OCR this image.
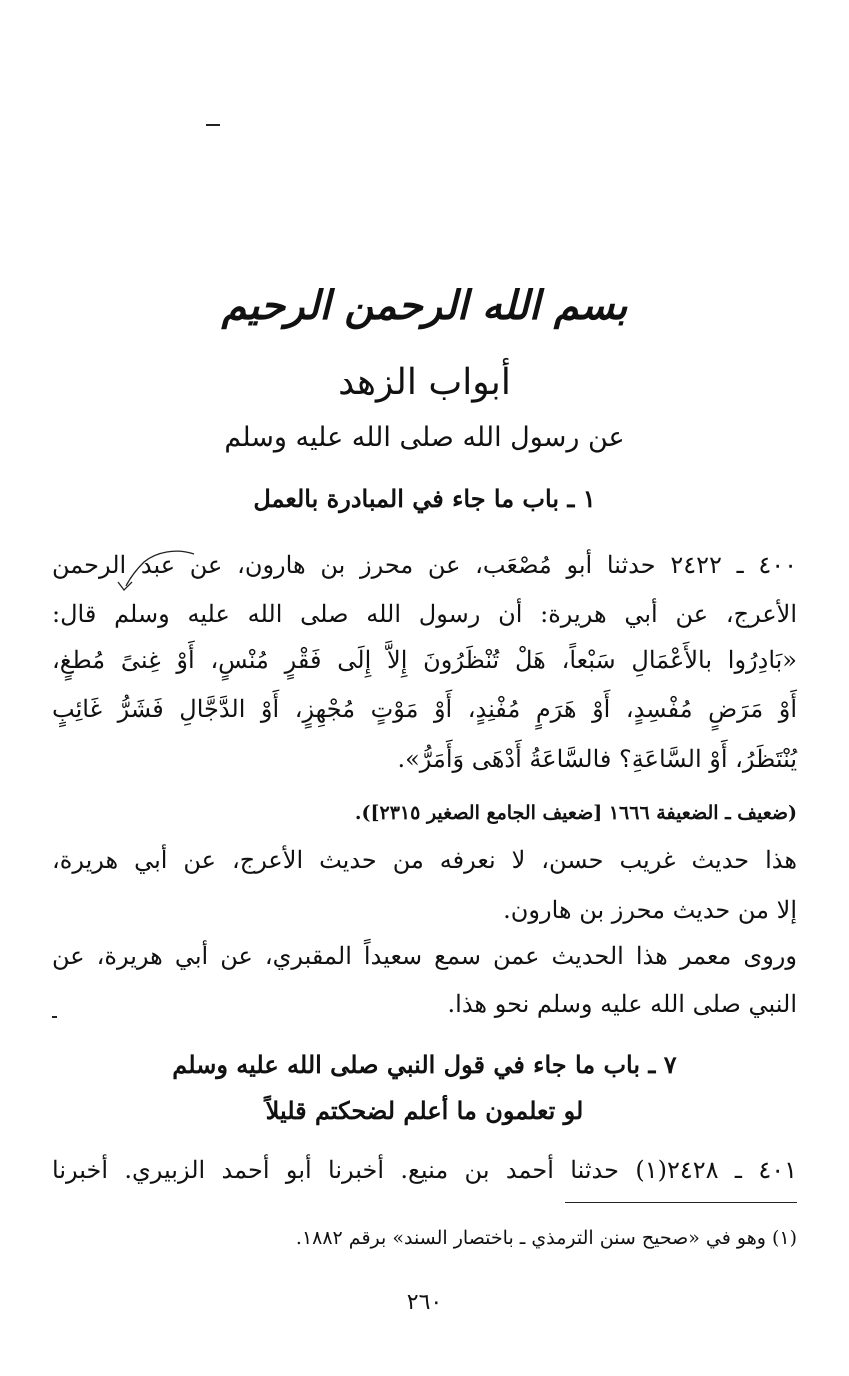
بسم الله الرحمن الرحيم
أبواب الزهد
عن رسول الله صلى الله عليه وسلم
١ ـ باب ما جاء في المبادرة بالعمل
٤٠٠ ـ ٢٤٢٢ حدثنا أبو مُصْعَب، عن محرز بن هارون، عن عبد الرحمن
الأعرج، عن أبي هريرة: أن رسول الله صلى الله عليه وسلم قال:
«بَادِرُوا بالأَعْمَالِ سَبْعاً، هَلْ تُنْظَرُونَ إِلاَّ إِلَى فَقْرٍ مُنْسٍ، أَوْ غِنىً مُطغٍ،
أَوْ مَرَضٍ مُفْسِدٍ، أَوْ هَرَمٍ مُفْنِدٍ، أَوْ مَوْتٍ مُجْهِزٍ، أَوْ الدَّجَّالِ فَشَرُّ غَائِبٍ
يُنْتَظَرُ، أَوْ السَّاعَةِ؟ فالسَّاعَةُ أَدْهَى وَأَمَرُّ».
(ضعيف ـ الضعيفة ١٦٦٦ [ضعيف الجامع الصغير ٢٣١٥]).
هذا حديث غريب حسن، لا نعرفه من حديث الأعرج، عن أبي هريرة،
إلا من حديث محرز بن هارون.
وروى معمر هذا الحديث عمن سمع سعيداً المقبري، عن أبي هريرة، عن
النبي صلى الله عليه وسلم نحو هذا.
٧ ـ باب ما جاء في قول النبي صلى الله عليه وسلم
لو تعلمون ما أعلم لضحكتم قليلاً
٤٠١ ـ ٢٤٢٨(١) حدثنا أحمد بن منيع. أخبرنا أبو أحمد الزبيري. أخبرنا
(١) وهو في «صحيح سنن الترمذي ـ باختصار السند» برقم ١٨٨٢.
٢٦٠
